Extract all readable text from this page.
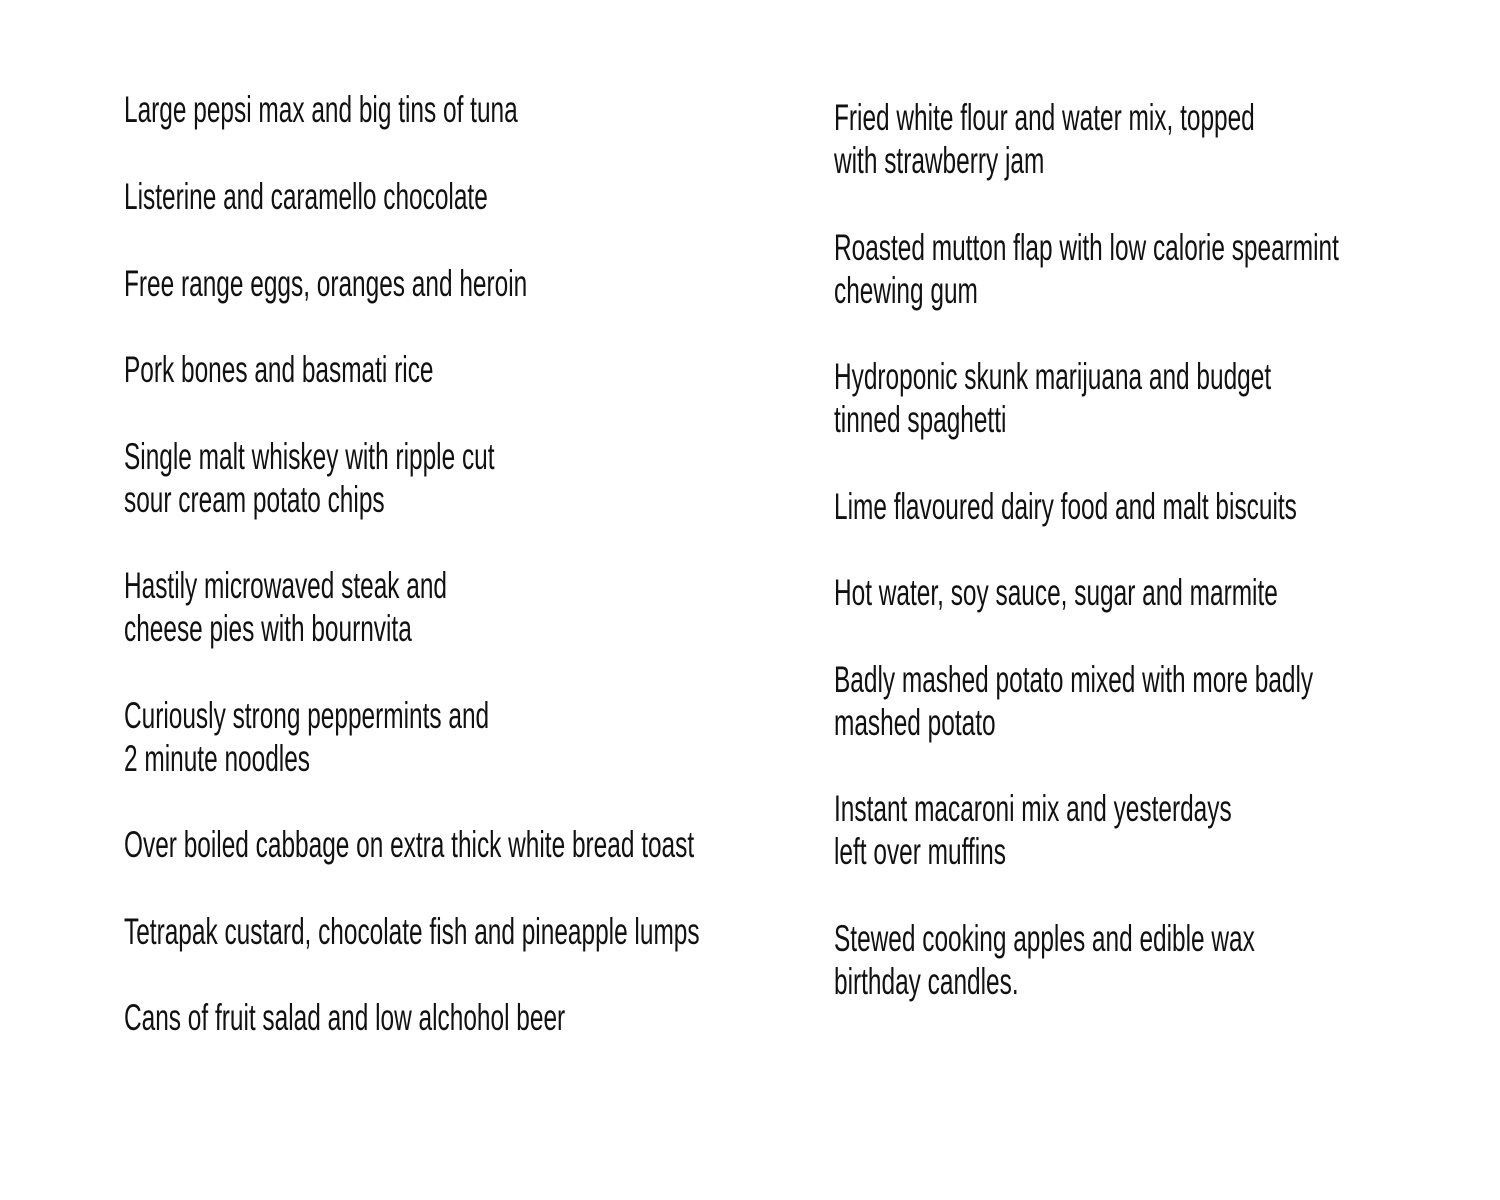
Large pepsi max and big tins of tuna
Listerine and caramello chocolate
Free range eggs, oranges and heroin
Pork bones and basmati rice
Single malt whiskey with ripple cut
sour cream potato chips
Hastily microwaved steak and
cheese pies with bournvita
Curiously strong peppermints and
2 minute noodles
Over boiled cabbage on extra thick white bread toast
Tetrapak custard, chocolate fish and pineapple lumps
Cans of fruit salad and low alchohol beer
Fried white flour and water mix, topped
with strawberry jam
Roasted mutton flap with low calorie spearmint
chewing gum
Hydroponic skunk marijuana and budget
tinned spaghetti
Lime flavoured dairy food and malt biscuits
Hot water, soy sauce, sugar and marmite
Badly mashed potato mixed with more badly
mashed potato
Instant macaroni mix and yesterdays
left over muffins
Stewed cooking apples and edible wax
birthday candles.
